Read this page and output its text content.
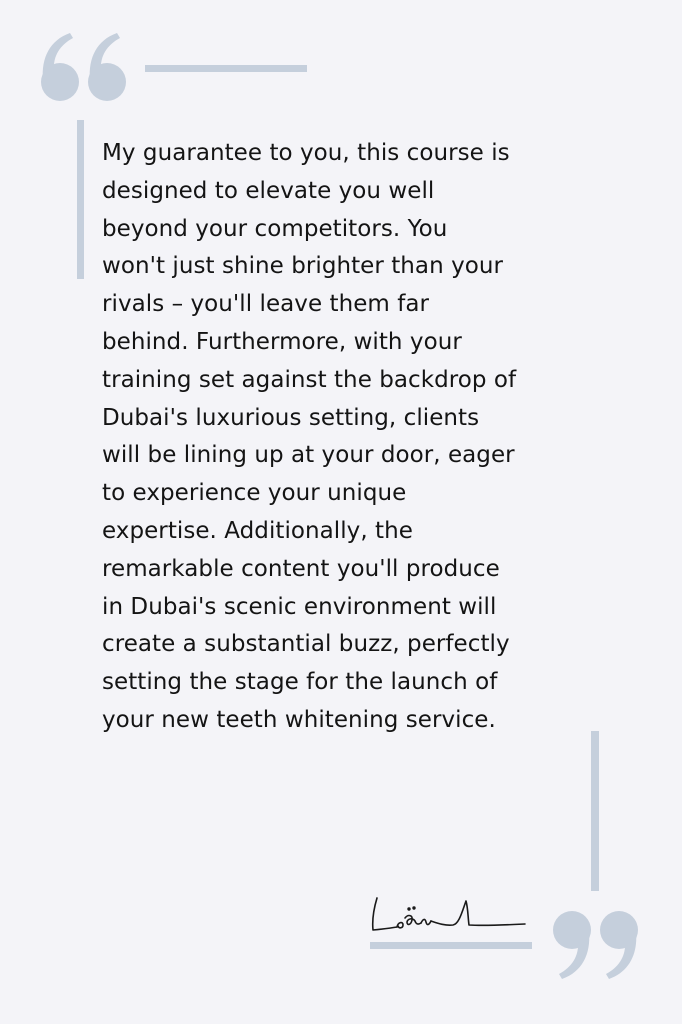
My guarantee to you, this course is
designed to elevate you well
beyond your competitors. You
won't just shine brighter than your
rivals – you'll leave them far
behind. Furthermore, with your
training set against the backdrop of
Dubai's luxurious setting, clients
will be lining up at your door, eager
to experience your unique
expertise. Additionally, the
remarkable content you'll produce
in Dubai's scenic environment will
create a substantial buzz, perfectly
setting the stage for the launch of
your new teeth whitening service.
